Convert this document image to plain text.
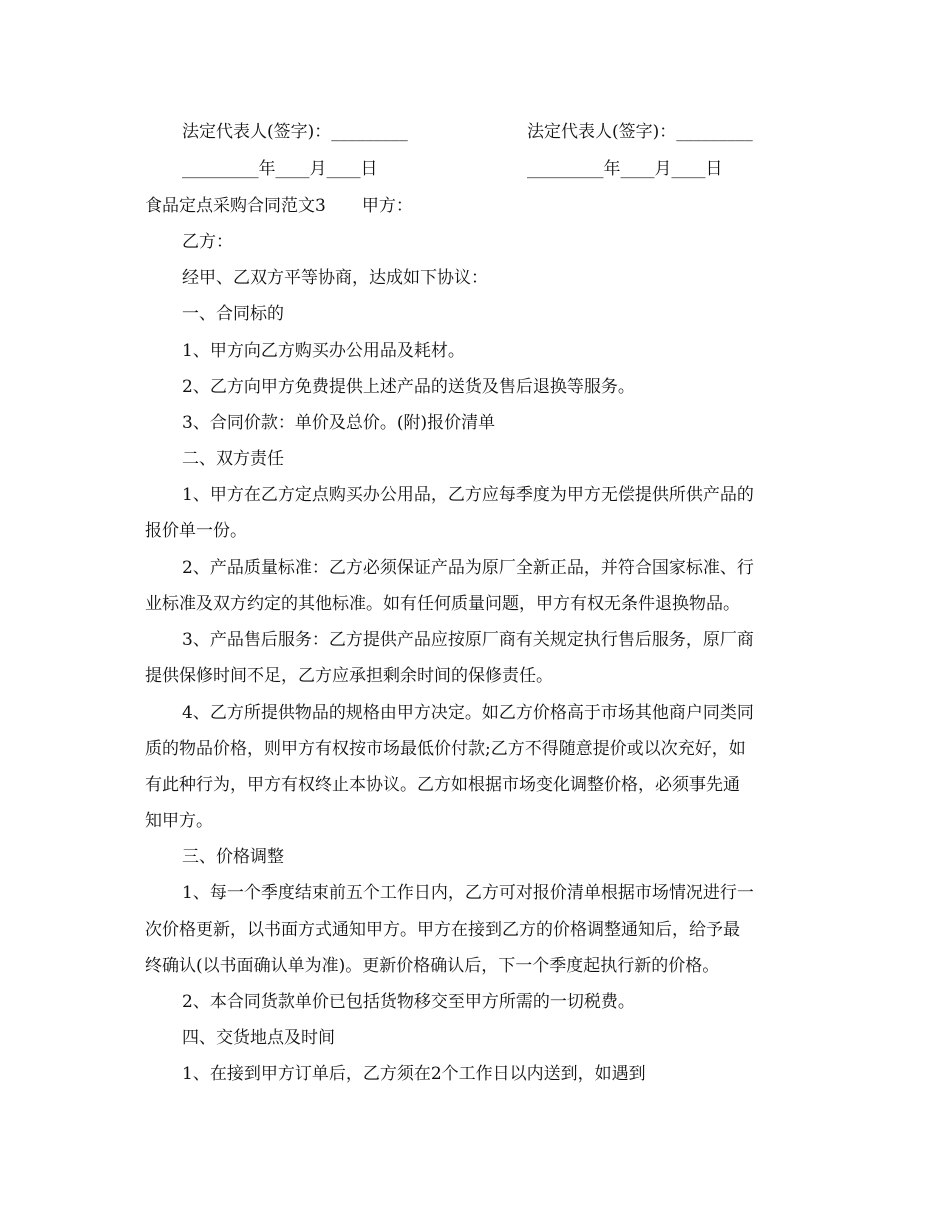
法定代表人(签字)：_________	法定代表人(签字)：_________
_________年____月____日	_________年____月____日
食品定点采购合同范文3 甲方：
乙方：
经甲、乙双方平等协商，达成如下协议：
一、合同标的
1、甲方向乙方购买办公用品及耗材。
2、乙方向甲方免费提供上述产品的送货及售后退换等服务。
3、合同价款：单价及总价。(附)报价清单
二、双方责任
1、甲方在乙方定点购买办公用品，乙方应每季度为甲方无偿提供所供产品的
报价单一份。
2、产品质量标准：乙方必须保证产品为原厂全新正品，并符合国家标准、行
业标准及双方约定的其他标准。如有任何质量问题，甲方有权无条件退换物品。
3、产品售后服务：乙方提供产品应按原厂商有关规定执行售后服务，原厂商
提供保修时间不足，乙方应承担剩余时间的保修责任。
4、乙方所提供物品的规格由甲方决定。如乙方价格高于市场其他商户同类同
质的物品价格，则甲方有权按市场最低价付款;乙方不得随意提价或以次充好，如
有此种行为，甲方有权终止本协议。乙方如根据市场变化调整价格，必须事先通
知甲方。
三、价格调整
1、每一个季度结束前五个工作日内，乙方可对报价清单根据市场情况进行一
次价格更新，以书面方式通知甲方。甲方在接到乙方的价格调整通知后，给予最
终确认(以书面确认单为准)。更新价格确认后，下一个季度起执行新的价格。
2、本合同货款单价已包括货物移交至甲方所需的一切税费。
四、交货地点及时间
1、在接到甲方订单后，乙方须在2个工作日以内送到，如遇到
